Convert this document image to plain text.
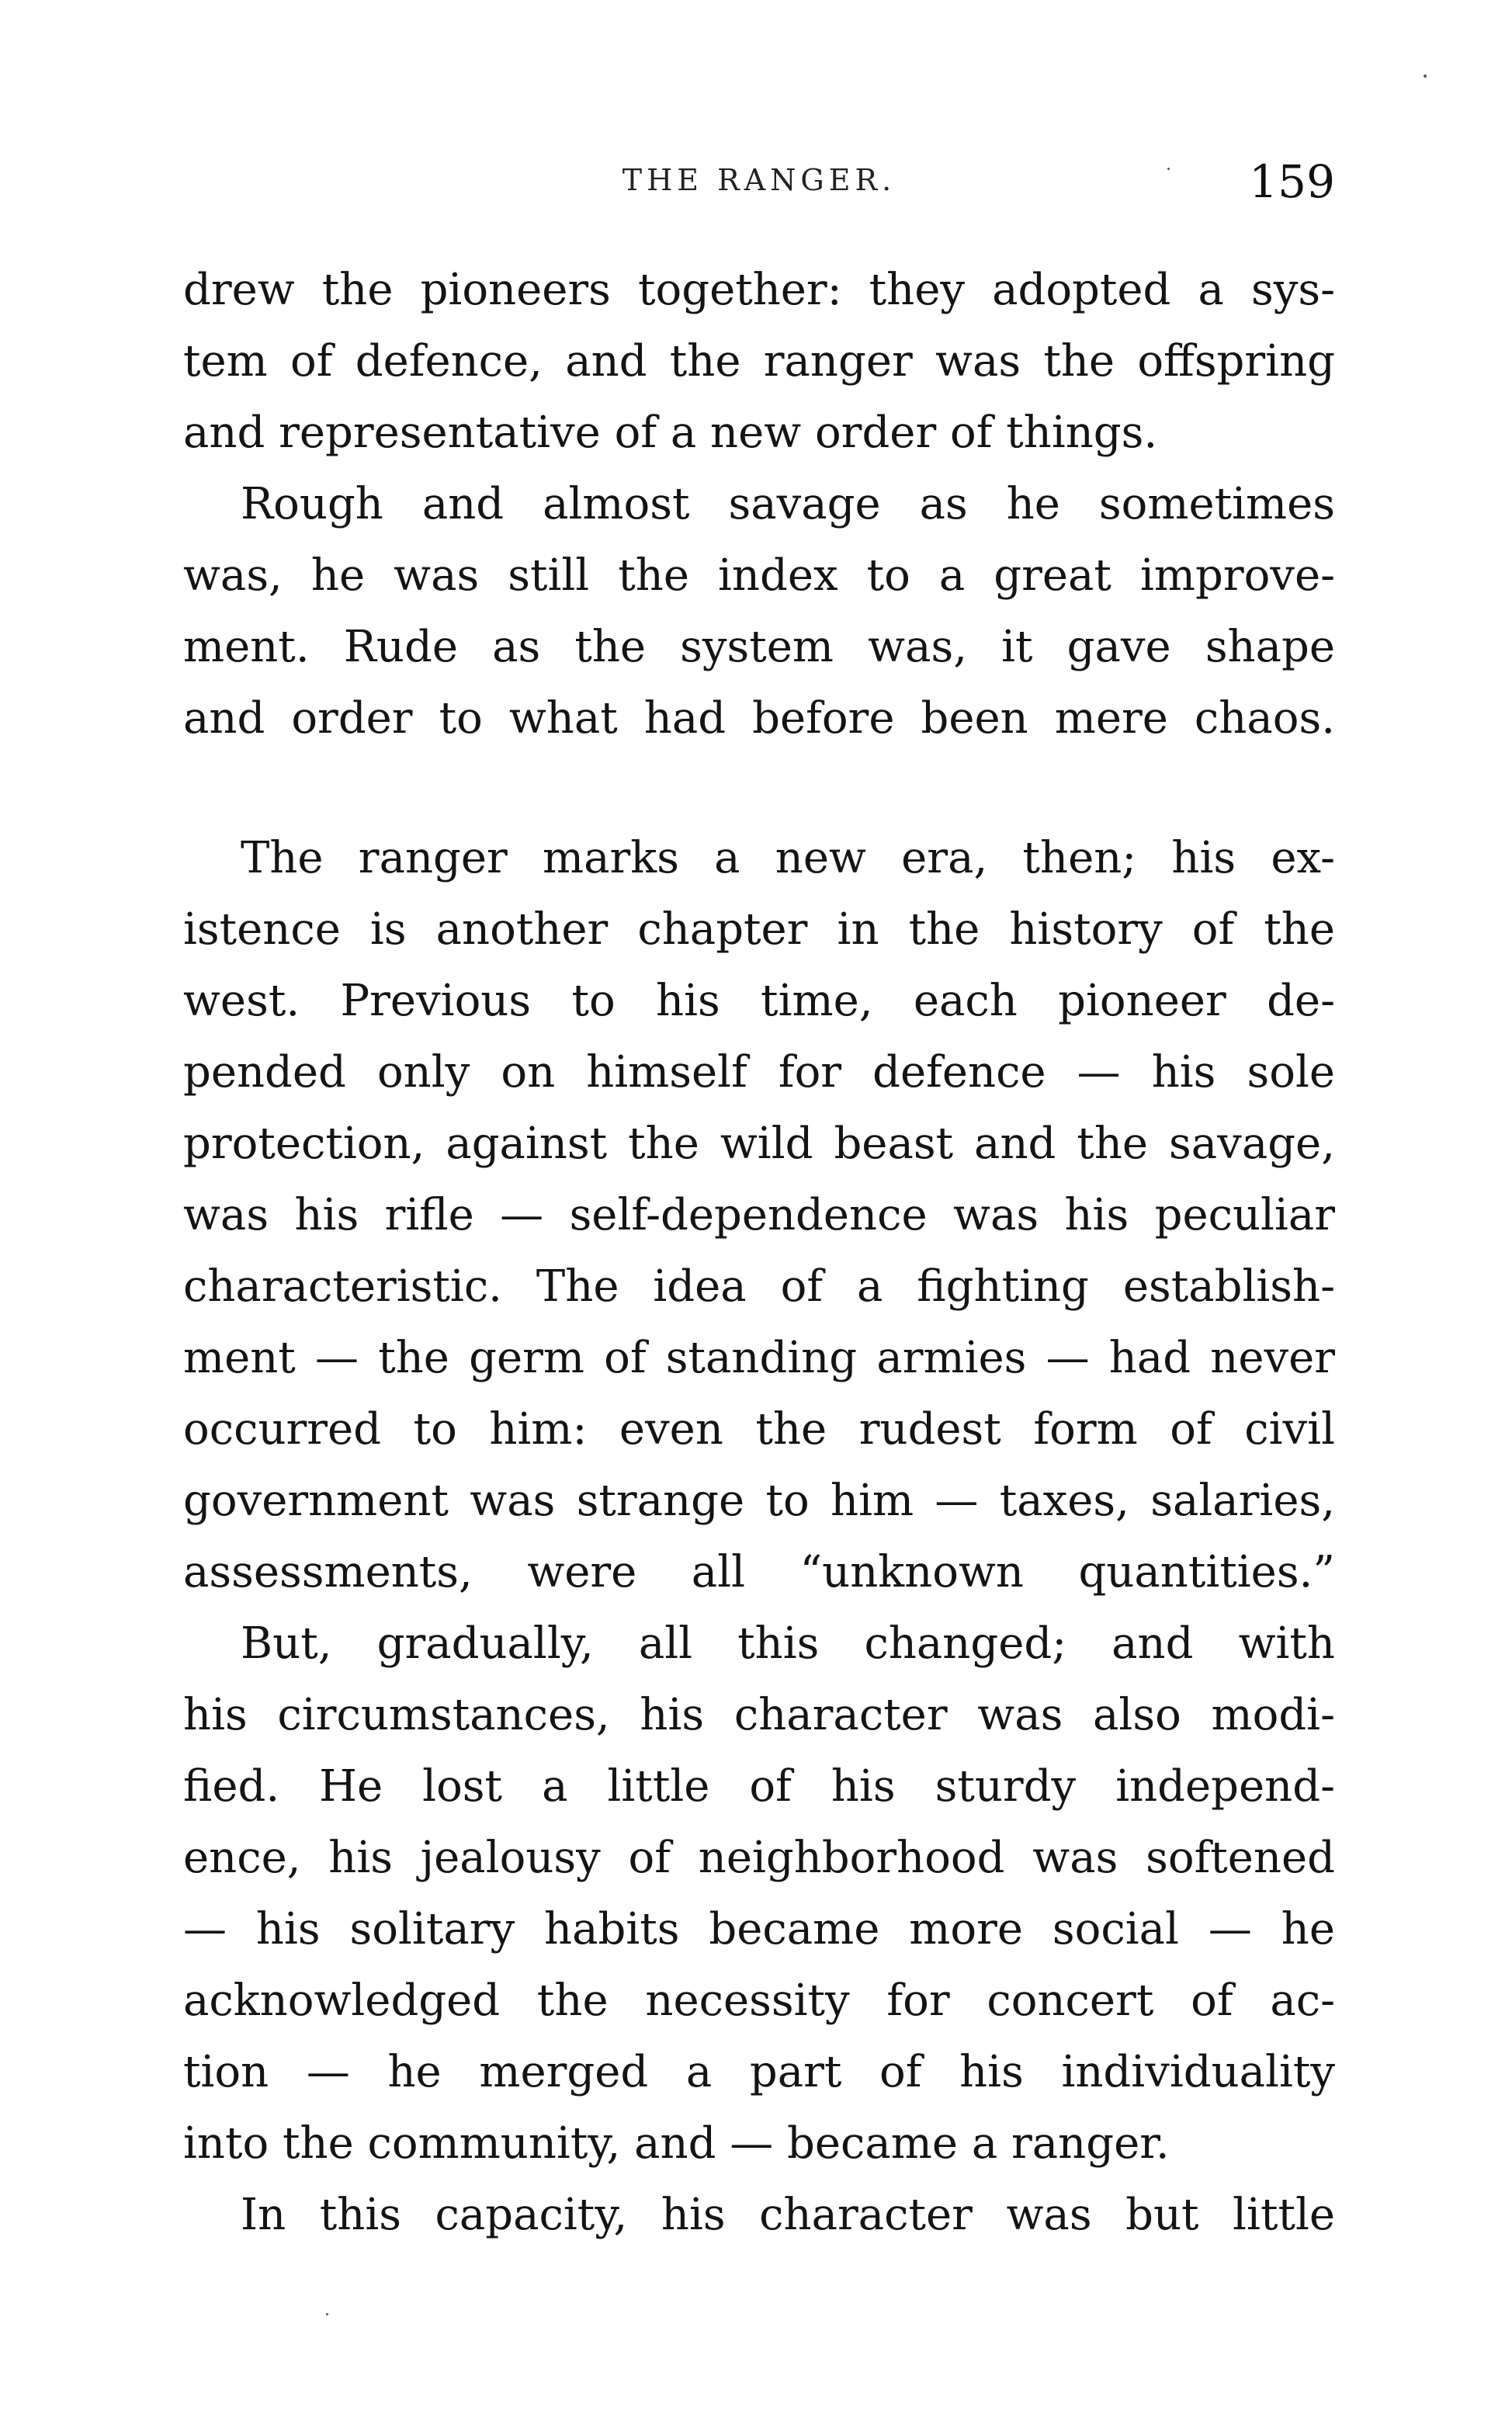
THE RANGER.	159
drew the pioneers together: they adopted a sys-
tem of defence, and the ranger was the offspring
and representative of a new order of things.
Rough and almost savage as he sometimes
was, he was still the index to a great improve-
ment. Rude as the system was, it gave shape
and order to what had before been mere chaos.
The ranger marks a new era, then; his ex-
istence is another chapter in the history of the
west. Previous to his time, each pioneer de-
pended only on himself for defence — his sole
protection, against the wild beast and the savage,
was his rifle — self-dependence was his peculiar
characteristic. The idea of a fighting establish-
ment — the germ of standing armies — had never
occurred to him: even the rudest form of civil
government was strange to him — taxes, salaries,
assessments, were all “unknown quantities.”
But, gradually, all this changed; and with
his circumstances, his character was also modi-
fied. He lost a little of his sturdy independ-
ence, his jealousy of neighborhood was softened
— his solitary habits became more social — he
acknowledged the necessity for concert of ac-
tion — he merged a part of his individuality
into the community, and — became a ranger.
In this capacity, his character was but little
